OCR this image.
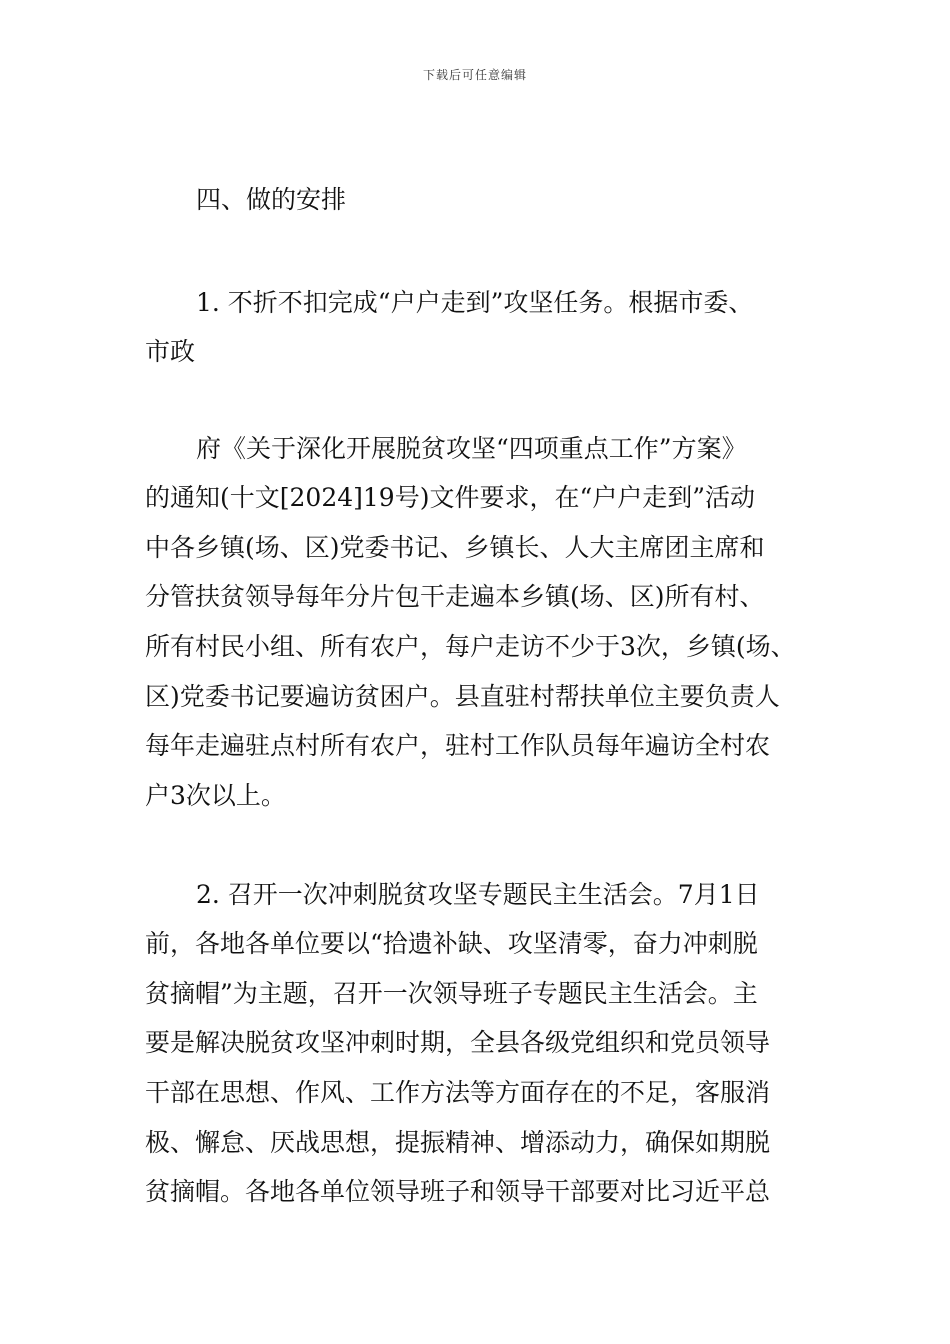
下载后可任意编辑
四、做的安排
1. 不折不扣完成“户户走到”攻坚任务。根据市委、
市政
府《关于深化开展脱贫攻坚“四项重点工作”方案》
的通知(十文[2024]19号)文件要求，在“户户走到”活动
中各乡镇(场、区)党委书记、乡镇长、人大主席团主席和
分管扶贫领导每年分片包干走遍本乡镇(场、区)所有村、
所有村民小组、所有农户，每户走访不少于3次，乡镇(场、
区)党委书记要遍访贫困户。县直驻村帮扶单位主要负责人
每年走遍驻点村所有农户，驻村工作队员每年遍访全村农
户3次以上。
2. 召开一次冲刺脱贫攻坚专题民主生活会。7月1日
前，各地各单位要以“拾遗补缺、攻坚清零，奋力冲刺脱
贫摘帽”为主题，召开一次领导班子专题民主生活会。主
要是解决脱贫攻坚冲刺时期，全县各级党组织和党员领导
干部在思想、作风、工作方法等方面存在的不足，客服消
极、懈怠、厌战思想，提振精神、增添动力，确保如期脱
贫摘帽。各地各单位领导班子和领导干部要对比习近平总
